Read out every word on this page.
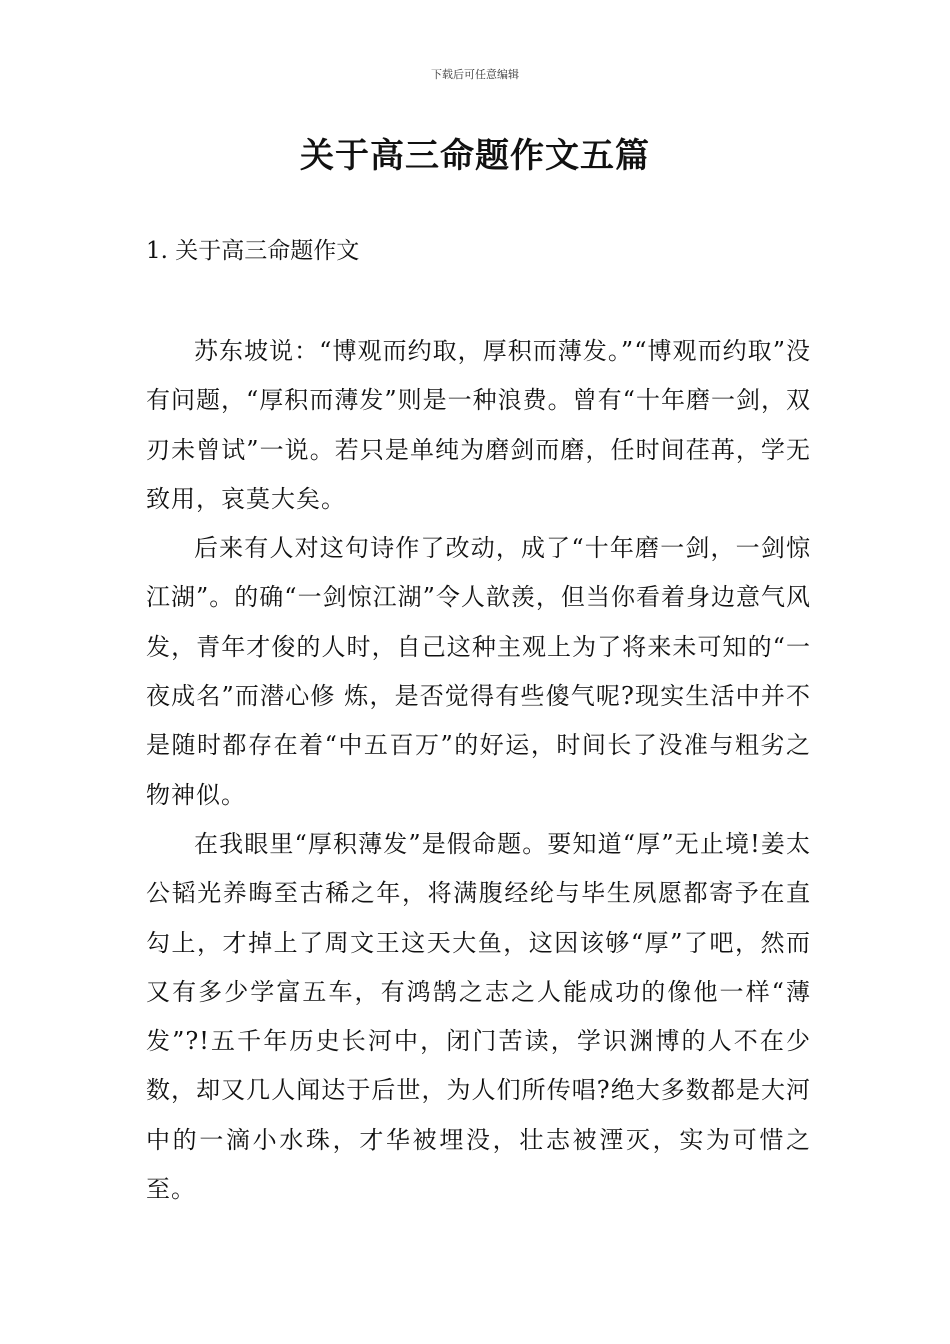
下载后可任意编辑
关于高三命题作文五篇
1. 关于高三命题作文

苏东坡说：“博观而约取，厚积而薄发。”“博观而约取”没有问题，“厚积而薄发”则是一种浪费。曾有“十年磨一剑，双刃未曾试”一说。若只是单纯为磨剑而磨，任时间荏苒，学无致用，哀莫大矣。

后来有人对这句诗作了改动，成了“十年磨一剑，一剑惊江湖”。的确“一剑惊江湖”令人歆羡，但当你看着身边意气风发，青年才俊的人时，自己这种主观上为了将来未可知的“一夜成名”而潜心修 炼，是否觉得有些傻气呢?现实生活中并不是随时都存在着“中五百万”的好运，时间长了没准与粗劣之物神似。

在我眼里“厚积薄发”是假命题。要知道“厚”无止境!姜太公韬光养晦至古稀之年，将满腹经纶与毕生夙愿都寄予在直勾上，才掉上了周文王这天大鱼，这因该够“厚”了吧，然而又有多少学富五车，有鸿鹄之志之人能成功的像他一样“薄发”?!五千年历史长河中，闭门苦读，学识渊博的人不在少数，却又几人闻达于后世，为人们所传唱?绝大多数都是大河中的一滴小水珠，才华被埋没，壮志被湮灭，实为可惜之至。
